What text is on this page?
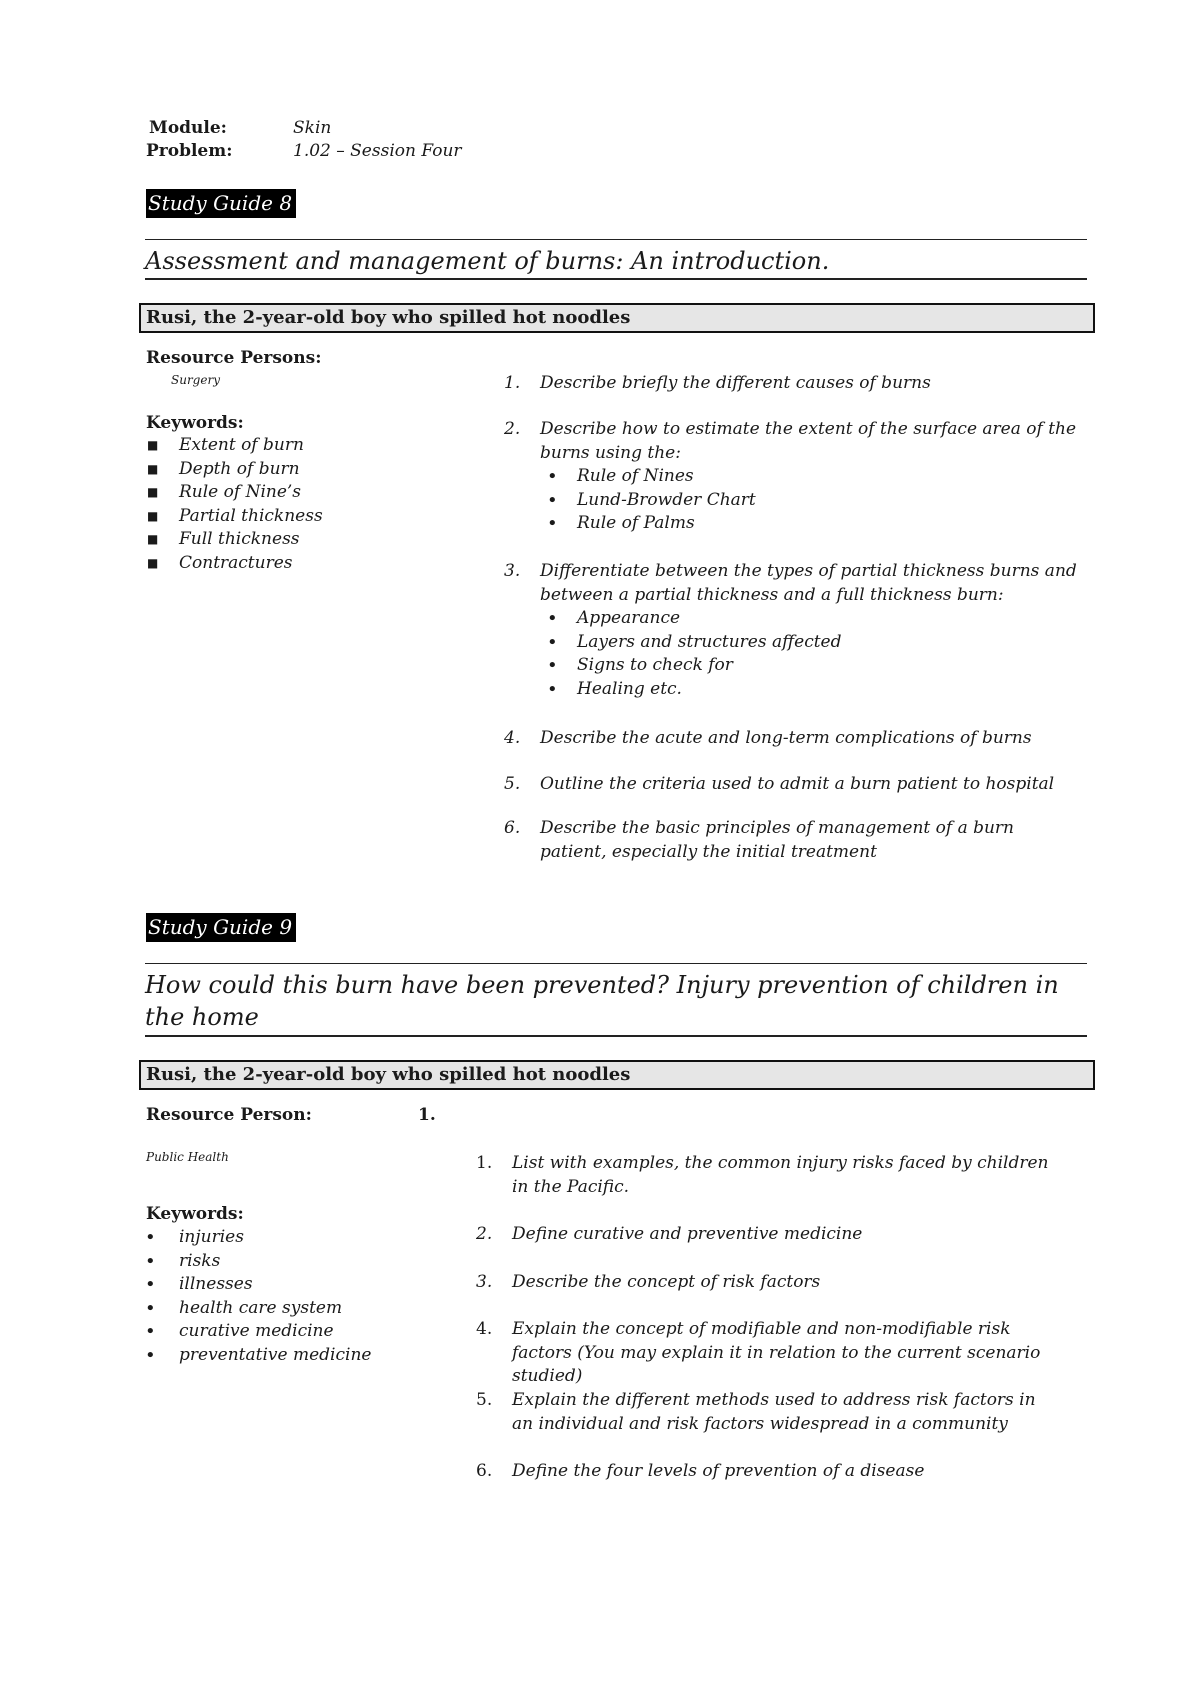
Module:	Skin
Problem:	1.02 – Session Four
Study Guide 8
Assessment and management of burns: An introduction.
Rusi, the 2-year-old boy who spilled hot noodles
Resource Persons:
Surgery
Keywords:
■ Extent of burn
■ Depth of burn
■ Rule of Nine’s
■ Partial thickness
■ Full thickness
■ Contractures
1. Describe briefly the different causes of burns
2. Describe how to estimate the extent of the surface area of the burns using the:
• Rule of Nines
• Lund-Browder Chart
• Rule of Palms
3. Differentiate between the types of partial thickness burns and between a partial thickness and a full thickness burn:
• Appearance
• Layers and structures affected
• Signs to check for
• Healing etc.
4. Describe the acute and long-term complications of burns
5. Outline the criteria used to admit a burn patient to hospital
6. Describe the basic principles of management of a burn patient, especially the initial treatment
Study Guide 9
How could this burn have been prevented? Injury prevention of children in the home
Rusi, the 2-year-old boy who spilled hot noodles
Resource Person:	1.
Public Health
Keywords:
• injuries
• risks
• illnesses
• health care system
• curative medicine
• preventative medicine
1. List with examples, the common injury risks faced by children in the Pacific.
2. Define curative and preventive medicine
3. Describe the concept of risk factors
4. Explain the concept of modifiable and non-modifiable risk factors (You may explain it in relation to the current scenario studied)
5. Explain the different methods used to address risk factors in an individual and risk factors widespread in a community
6. Define the four levels of prevention of a disease
